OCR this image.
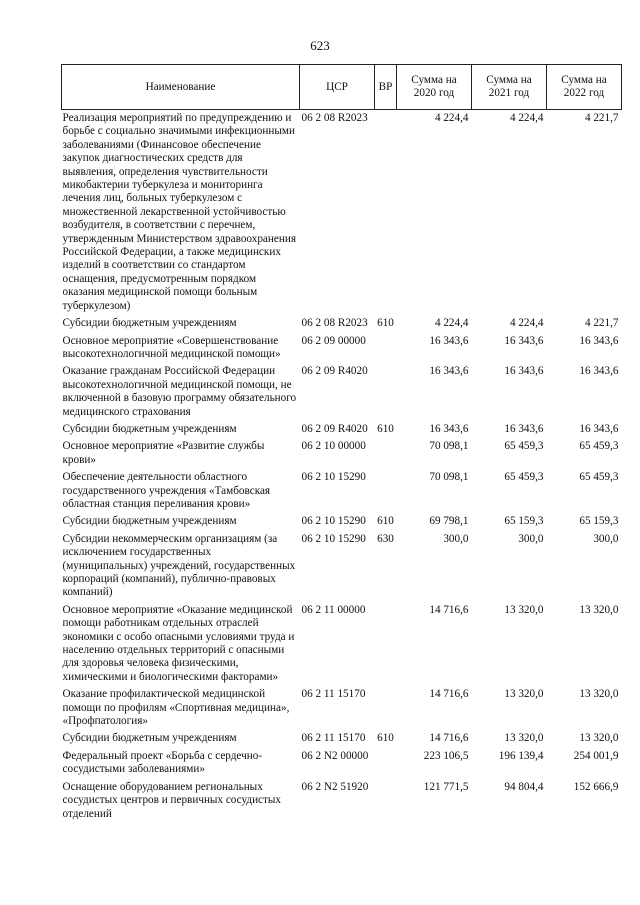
623
Наименование	ЦСР	ВР	Сумма на 2020 год	Сумма на 2021 год	Сумма на 2022 год
Реализация мероприятий по предупреждению и борьбе с социально значимыми инфекционными заболеваниями (Финансовое обеспечение закупок диагностических средств для выявления, определения чувствительности микобактерии туберкулеза и мониторинга лечения лиц, больных туберкулезом с множественной лекарственной устойчивостью возбудителя, в соответствии с перечнем, утвержденным Министерством здравоохранения Российской Федерации, а также медицинских изделий в соответствии со стандартом оснащения, предусмотренным порядком оказания медицинской помощи больным туберкулезом)	06 2 08 R2023		4 224,4	4 224,4	4 221,7
Субсидии бюджетным учреждениям	06 2 08 R2023	610	4 224,4	4 224,4	4 221,7
Основное мероприятие «Совершенствование высокотехнологичной медицинской помощи»	06 2 09 00000		16 343,6	16 343,6	16 343,6
Оказание гражданам Российской Федерации высокотехнологичной медицинской помощи, не включенной в базовую программу обязательного медицинского страхования	06 2 09 R4020		16 343,6	16 343,6	16 343,6
Субсидии бюджетным учреждениям	06 2 09 R4020	610	16 343,6	16 343,6	16 343,6
Основное мероприятие «Развитие службы крови»	06 2 10 00000		70 098,1	65 459,3	65 459,3
Обеспечение деятельности областного государственного учреждения «Тамбовская областная станция переливания крови»	06 2 10 15290		70 098,1	65 459,3	65 459,3
Субсидии бюджетным учреждениям	06 2 10 15290	610	69 798,1	65 159,3	65 159,3
Субсидии некоммерческим организациям (за исключением государственных (муниципальных) учреждений, государственных корпораций (компаний), публично-правовых компаний)	06 2 10 15290	630	300,0	300,0	300,0
Основное мероприятие «Оказание медицинской помощи работникам отдельных отраслей экономики с особо опасными условиями труда и населению отдельных территорий с опасными для здоровья человека физическими, химическими и биологическими факторами»	06 2 11 00000		14 716,6	13 320,0	13 320,0
Оказание профилактической медицинской помощи по профилям «Спортивная медицина», «Профпатология»	06 2 11 15170		14 716,6	13 320,0	13 320,0
Субсидии бюджетным учреждениям	06 2 11 15170	610	14 716,6	13 320,0	13 320,0
Федеральный проект «Борьба с сердечно-сосудистыми заболеваниями»	06 2 N2 00000		223 106,5	196 139,4	254 001,9
Оснащение оборудованием региональных сосудистых центров и первичных сосудистых отделений	06 2 N2 51920		121 771,5	94 804,4	152 666,9
